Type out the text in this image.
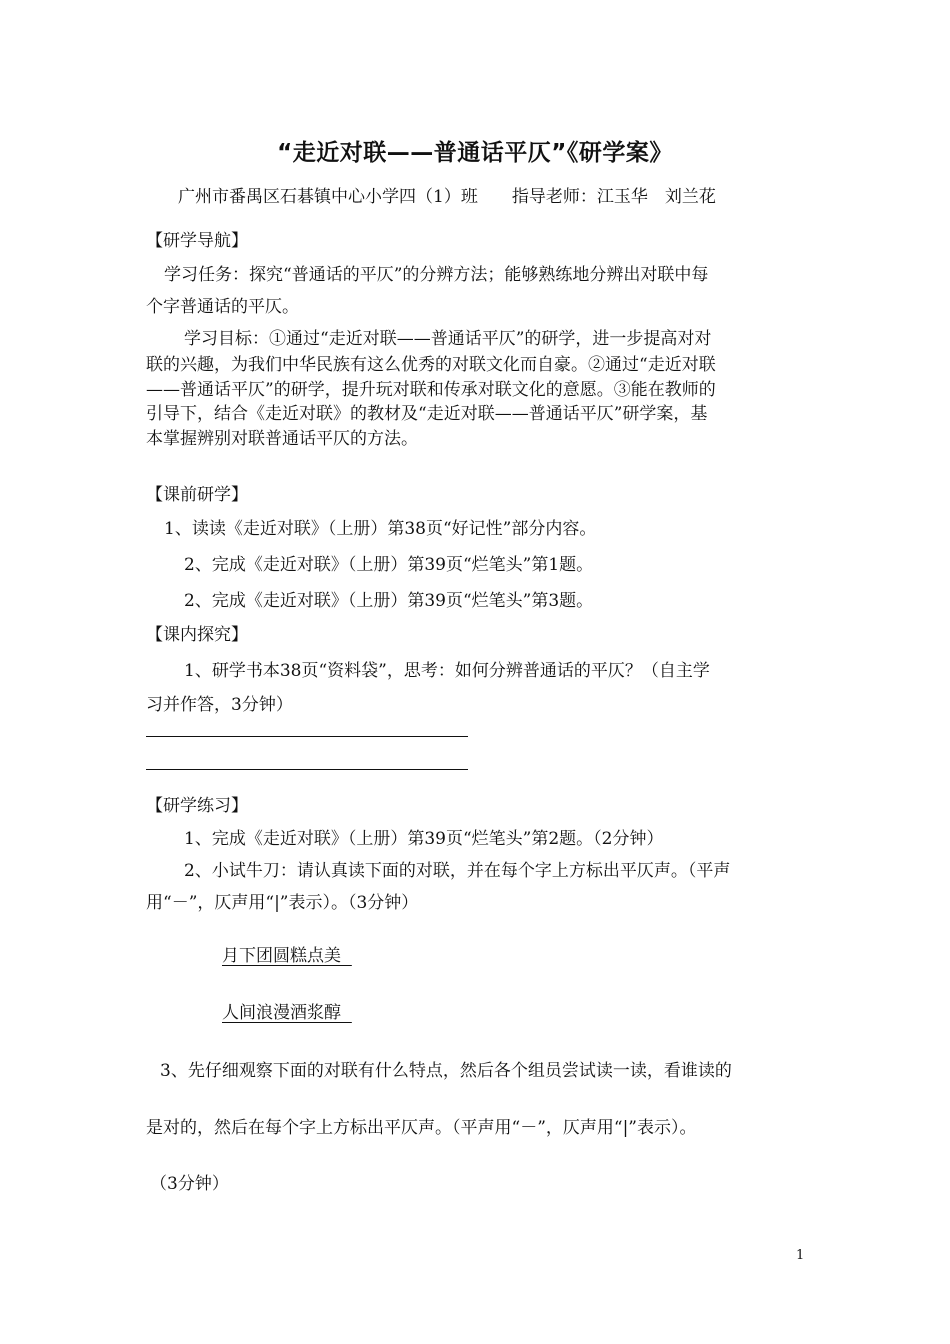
“走近对联——普通话平仄”《研学案》
广州市番禺区石碁镇中心小学四（1）班　　指导老师：江玉华　刘兰花
【研学导航】
学习任务：探究“普通话的平仄”的分辨方法；能够熟练地分辨出对联中每
个字普通话的平仄。
学习目标：①通过“走近对联——普通话平仄”的研学，进一步提高对对
联的兴趣，为我们中华民族有这么优秀的对联文化而自豪。②通过“走近对联
——普通话平仄”的研学，提升玩对联和传承对联文化的意愿。③能在教师的
引导下，结合《走近对联》的教材及“走近对联——普通话平仄”研学案，基
本掌握辨别对联普通话平仄的方法。
【课前研学】
1、读读《走近对联》（上册）第38页“好记性”部分内容。
2、完成《走近对联》（上册）第39页“烂笔头”第1题。
2、完成《走近对联》（上册）第39页“烂笔头”第3题。
【课内探究】
1、研学书本38页“资料袋”，思考：如何分辨普通话的平仄？（自主学
习并作答，3分钟）
【研学练习】
1、完成《走近对联》（上册）第39页“烂笔头”第2题。（2分钟）
2、小试牛刀：请认真读下面的对联，并在每个字上方标出平仄声。（平声
用“－”，仄声用“|”表示）。（3分钟）
月下团圆糕点美
人间浪漫酒浆醇
3、先仔细观察下面的对联有什么特点，然后各个组员尝试读一读，看谁读的
是对的，然后在每个字上方标出平仄声。（平声用“－”，仄声用“|”表示）。
（3分钟）
1
